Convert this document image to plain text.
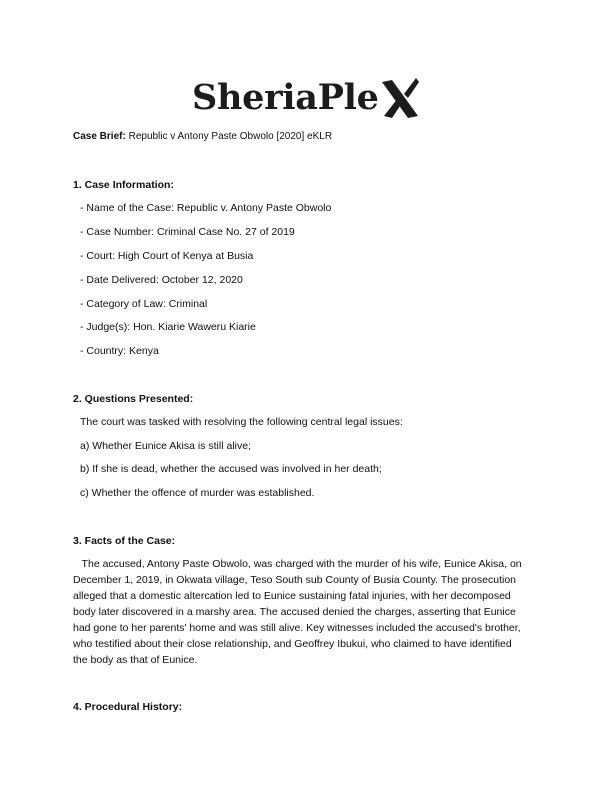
SheriaPle
Case Brief: Republic v Antony Paste Obwolo [2020] eKLR
1. Case Information:
- Name of the Case: Republic v. Antony Paste Obwolo
- Case Number: Criminal Case No. 27 of 2019
- Court: High Court of Kenya at Busia
- Date Delivered: October 12, 2020
- Category of Law: Criminal
- Judge(s): Hon. Kiarie Waweru Kiarie
- Country: Kenya
2. Questions Presented:
The court was tasked with resolving the following central legal issues:
a) Whether Eunice Akisa is still alive;
b) If she is dead, whether the accused was involved in her death;
c) Whether the offence of murder was established.
3. Facts of the Case:
The accused, Antony Paste Obwolo, was charged with the murder of his wife, Eunice Akisa, on
December 1, 2019, in Okwata village, Teso South sub County of Busia County. The prosecution
alleged that a domestic altercation led to Eunice sustaining fatal injuries, with her decomposed
body later discovered in a marshy area. The accused denied the charges, asserting that Eunice
had gone to her parents' home and was still alive. Key witnesses included the accused's brother,
who testified about their close relationship, and Geoffrey Ibukui, who claimed to have identified
the body as that of Eunice.
4. Procedural History:
